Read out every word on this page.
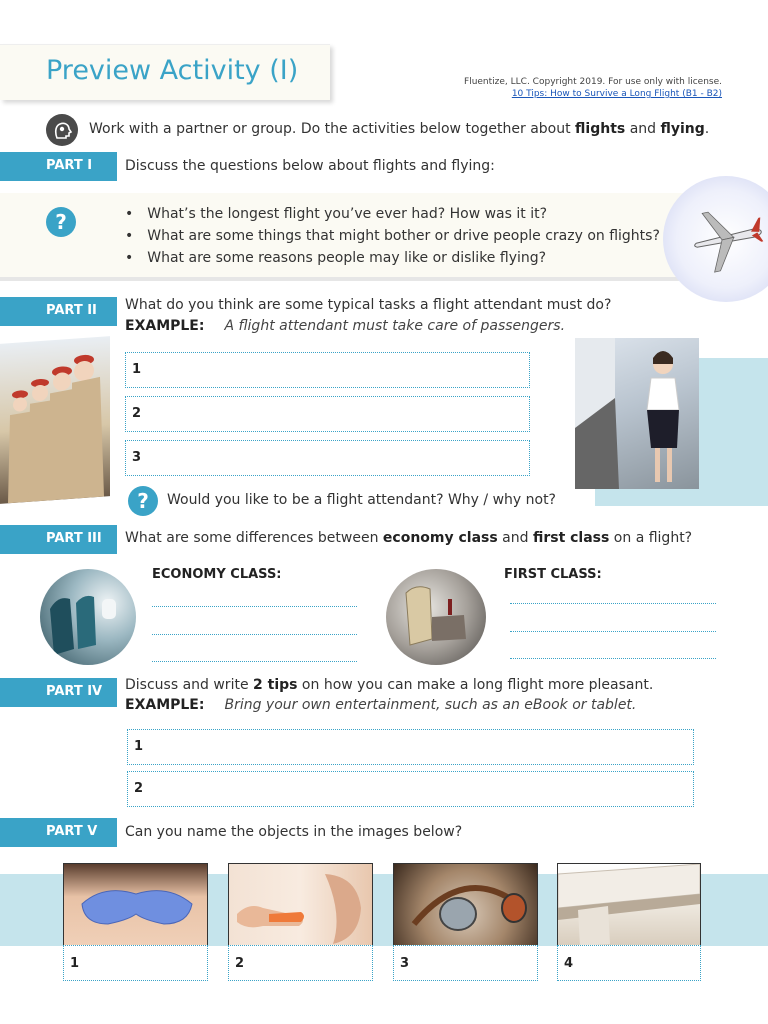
Preview Activity (I)	Fluentize, LLC. Copyright 2019. For use only with license.
10 Tips: How to Survive a Long Flight (B1 - B2)
Work with a partner or group. Do the activities below together about flights and flying.
PART I	Discuss the questions below about flights and flying:
?
•	What’s the longest flight you’ve ever had? How was it it?
• What are some things that might bother or drive people crazy on flights?
• What are some reasons people may like or dislike flying?
PART II	What do you think are some typical tasks a flight attendant must do?
EXAMPLE: A flight attendant must take care of passengers.
1
2
3
?	Would you like to be a flight attendant? Why / why not?
PART III	What are some differences between economy class and first class on a flight?
ECONOMY CLASS:	FIRST CLASS:
PART IV	Discuss and write 2 tips on how you can make a long flight more pleasant.
EXAMPLE: Bring your own entertainment, such as an eBook or tablet.
1
2
PART V	Can you name the objects in the images below?
1	2	3	4
